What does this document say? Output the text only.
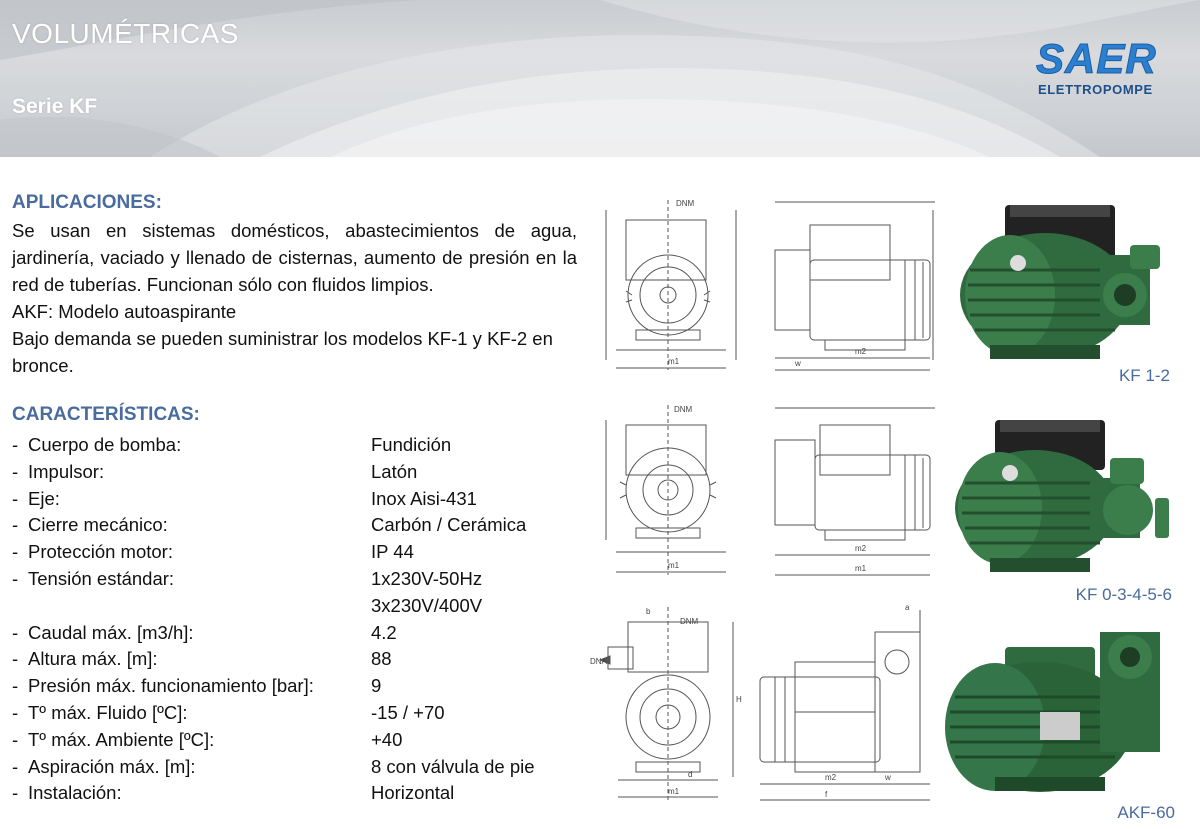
VOLUMÉTRICAS
Serie KF
SAER
ELETTROPOMPE
APLICACIONES:

Se usan en sistemas domésticos, abastecimientos de agua, jardinería, vaciado y llenado de cisternas, aumento de presión en la red de tuberías. Funcionan sólo con fluidos limpios.

AKF: Modelo autoaspirante

Bajo demanda se pueden suministrar los modelos KF-1 y KF-2 en bronce.

CARACTERÍSTICAS:
- Cuerpo de bomba:	Fundición
- Impulsor:	Latón
- Eje:	Inox Aisi-431
- Cierre mecánico:	Carbón / Cerámica
- Protección motor:	IP 44
- Tensión estándar:	1x230V-50Hz
3x230V/400V
- Caudal máx. [m3/h]:	4.2
- Altura máx. [m]:	88
- Presión máx. funcionamiento [bar]:	9
- Tº máx. Fluido [ºC]:	-15 / +70
- Tº máx. Ambiente [ºC]:	+40
- Aspiración máx. [m]:	8 con válvula de pie
- Instalación:	Horizontal
DNM
m1
m2
w
KF 1-2
DNM
m1
m2
m1
KF 0-3-4-5-6
b
DNM
DNA
H
d
m1
m2	w
f
a
AKF-60
